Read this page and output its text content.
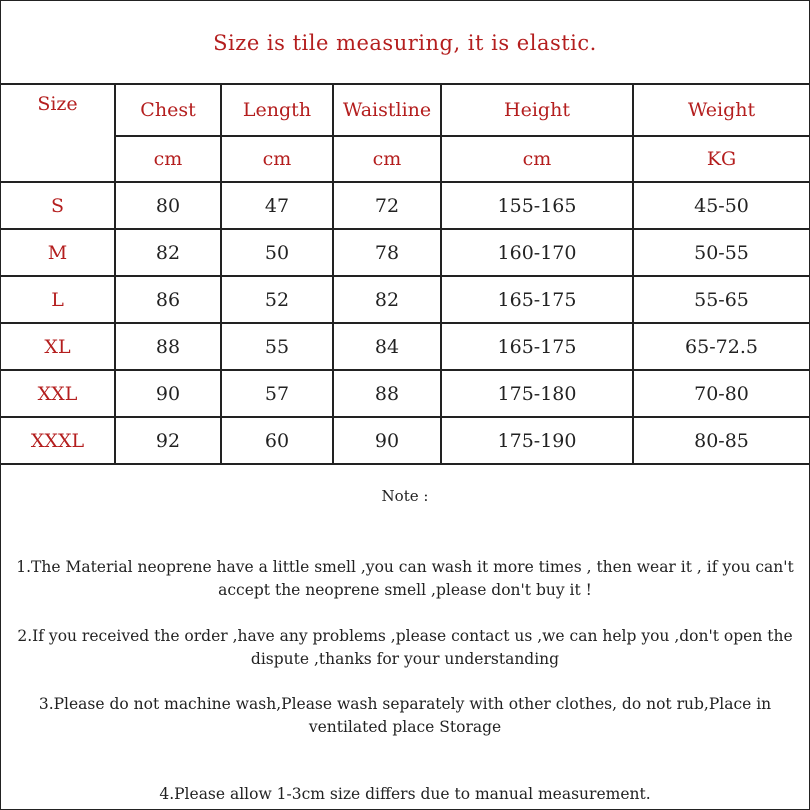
Size is tile measuring, it is elastic.
Size	Chest	Length	Waistline	Height	Weight
	cm	cm	cm	cm	KG
S	80	47	72	155-165	45-50
M	82	50	78	160-170	50-55
L	86	52	82	165-175	55-65
XL	88	55	84	165-175	65-72.5
XXL	90	57	88	175-180	70-80
XXXL	92	60	90	175-190	80-85
Note :
1.The Material neoprene have a little smell ,you can wash it more times , then wear it , if you can't accept the neoprene smell ,please don't buy it !
2.If you received the order ,have any problems ,please contact us ,we can help you ,don't open the dispute ,thanks for your understanding
3.Please do not machine wash,Please wash separately with other clothes, do not rub,Place in ventilated place Storage
4.Please allow 1-3cm size differs due to manual measurement.
